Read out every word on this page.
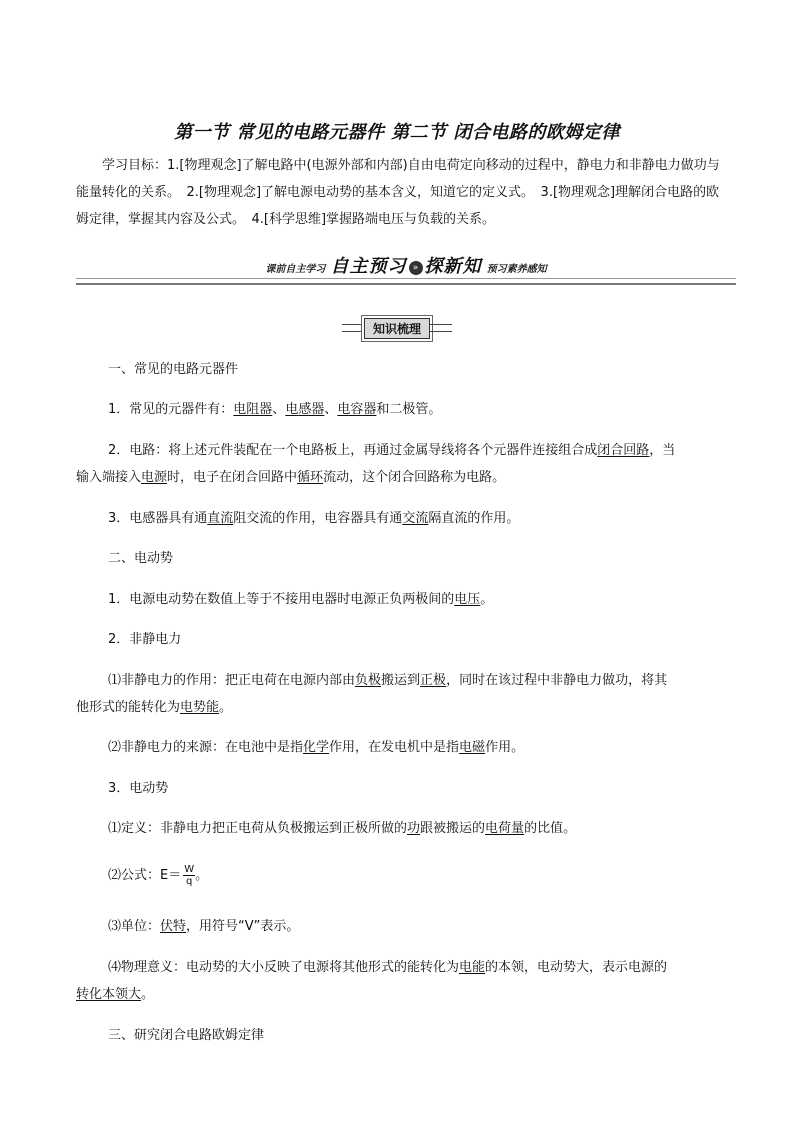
第一节 常见的电路元器件 第二节 闭合电路的欧姆定律
学习目标：1.[物理观念]了解电路中(电源外部和内部)自由电荷定向移动的过程中，静电力和非静电力做功与能量转化的关系。　2.[物理观念]了解电源电动势的基本含义，知道它的定义式。　3.[物理观念]理解闭合电路的欧姆定律，掌握其内容及公式。　4.[科学思维]掌握路端电压与负载的关系。
课前自主学习 自主预习 » 探新知 预习素养感知
知识梳理
一、常见的电路元器件
1．常见的元器件有：电阻器、电感器、电容器和二极管。
2．电路：将上述元件装配在一个电路板上，再通过金属导线将各个元器件连接组合成闭合回路，当
输入端接入电源时，电子在闭合回路中循环流动，这个闭合回路称为电路。
3．电感器具有通直流阻交流的作用，电容器具有通交流隔直流的作用。
二、电动势
1．电源电动势在数值上等于不接用电器时电源正负两极间的电压。
2．非静电力
⑴非静电力的作用：把正电荷在电源内部由负极搬运到正极，同时在该过程中非静电力做功，将其
他形式的能转化为电势能。
⑵非静电力的来源：在电池中是指化学作用，在发电机中是指电磁作用。
3．电动势
⑴定义：非静电力把正电荷从负极搬运到正极所做的功跟被搬运的电荷量的比值。
⑵公式：$E= \frac{W}{q}$ 。
⑶单位：伏特，用符号“V”表示。
⑷物理意义：电动势的大小反映了电源将其他形式的能转化为电能的本领，电动势大，表示电源的
转化本领大。
三、研究闭合电路欧姆定律
